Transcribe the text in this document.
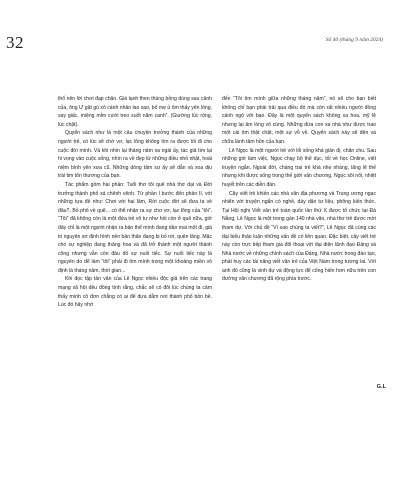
32	Số 40 (tháng 9 năm 2024)

thổ nên lời chơi đạp chân. Giá lạnh then thùng bồng dùng sau cảnh của, ông Ư gặt gù xô cánh nhân lao xao, bố mẹ ủ ôm thấy yên lòng, say giấc, miệng mỉm cười treo suốt năm canh”. (Giường lúc rộng, lúc chật).

Quyển sách như là một câu chuyện trưởng thành của những người trẻ, có lúc sẽ chờ vơ, lạc lõng không tìm ra được lối đi cho cuộc đời mình. Và khi nhìn lại tháng năm xa ngái ấy, tác giả tìm lại hi vọng vào cuộc sống, nhìn ra về đẹp từ những điều nhỏ nhặt, hoài niệm bình yên xưa cũ. Những dòng tâm sự ấy sẽ dẫn và xoa dịu trái tim tổn thương của bạn.

Tác phẩm gồm hai phần: Tuổi thơ tôi quê nhà thơ dại và Đời trưởng thành phố xá chênh vênh. Từ phần I bước đến phần II, với những tựa đề như: Chơi với hai lâm, Rời cuộc đời sẽ đưa ta về đâu?, Bỏ phố về quê... có thể nhận ra sự chơ vơ, lạc lõng của “tôi”. “Tôi” đã không còn là một đứa trẻ vô tư như hồi còn ở quê nữa, giờ đây chỉ là một người nhận ra bản thể mình đang dần mai một đi, giá trị nguyên sơ định hình nên bản thân đang bị bỏ rơi, quên lãng. Mặc cho sự nghiệp đang thăng hoa và đã trở thành một người thành công nhưng vẫn còn đâu đó sự nuối tiếc. Sự nuối tiếc này là nguyên do để làm “tôi” phải đi tìm mình trong một khoảng miền vô định là tháng năm, thời gian...

Khi đọc tập tản văn của Lê Ngọc nhiều độc giả trên các trang mạng xã hội đều đồng tình rằng, chắc sẽ có đôi lúc chúng ta cảm thấy mình cô đơn chẳng có ai để dựa dẫm nơi thành phố bồn bề. Lúc đó hãy nhớ

đến “Tôi tìm mình giữa những tháng năm”, nó sẽ cho bạn biết không chỉ bạn phải trải qua điều đó mà còn rất nhiều người đồng cảnh ngộ với bạn. Đây là một quyển sách không xa hoa, mỹ lệ nhưng lại âm lòng vô cùng. Những đứa con xa nhà như được trao một cái ôm thật chặt, một sự vỗ về. Quyển sách này sẽ đến và chữa lành tâm hồn của bạn.

Lê Ngọc là một người trẻ với lối sống khá giản dị, chân chu. Sau những giờ làm việc, Ngọc chạy bộ thể dục, tối về học Online, viết truyện ngắn. Ngoài đời, chàng trai trẻ khá nhẹ nhàng, lãng lẽ thế nhưng khi được sống trong thế giới văn chương, Ngọc sôi nổi, nhiệt huyết trên các diễn đàn.

Cây viết trẻ khiến các nhà văn địa phương và Trung ương ngạc nhiên với truyện ngắn có nghề, dày dặn tư liệu, phông kiến thức. Tại Hội nghị Viết văn trẻ toàn quốc lần thứ X được tổ chức tại Đà Nẵng, Lê Ngọc là một trong gần 140 nhà văn, nhà thơ trẻ được mời tham dự. Với chủ đề “Vì sao chúng ta viết?”, Lê Ngọc đã cùng các đại biểu thảo luận những vấn đề có liên quan. Đặc biệt, cây viết trẻ này còn trực tiếp tham gia đối thoại với đại diện lãnh đạo Đảng và Nhà nước về những chính sách của Đảng, Nhà nước trong đào tạo, phát huy các tài năng viết văn trẻ của Việt Nam trong tương lai. Với anh đó cũng là vinh dự và động lực để cống hiến hơn nữa trên con đường văn chương đã rộng phía trước.

G.L
